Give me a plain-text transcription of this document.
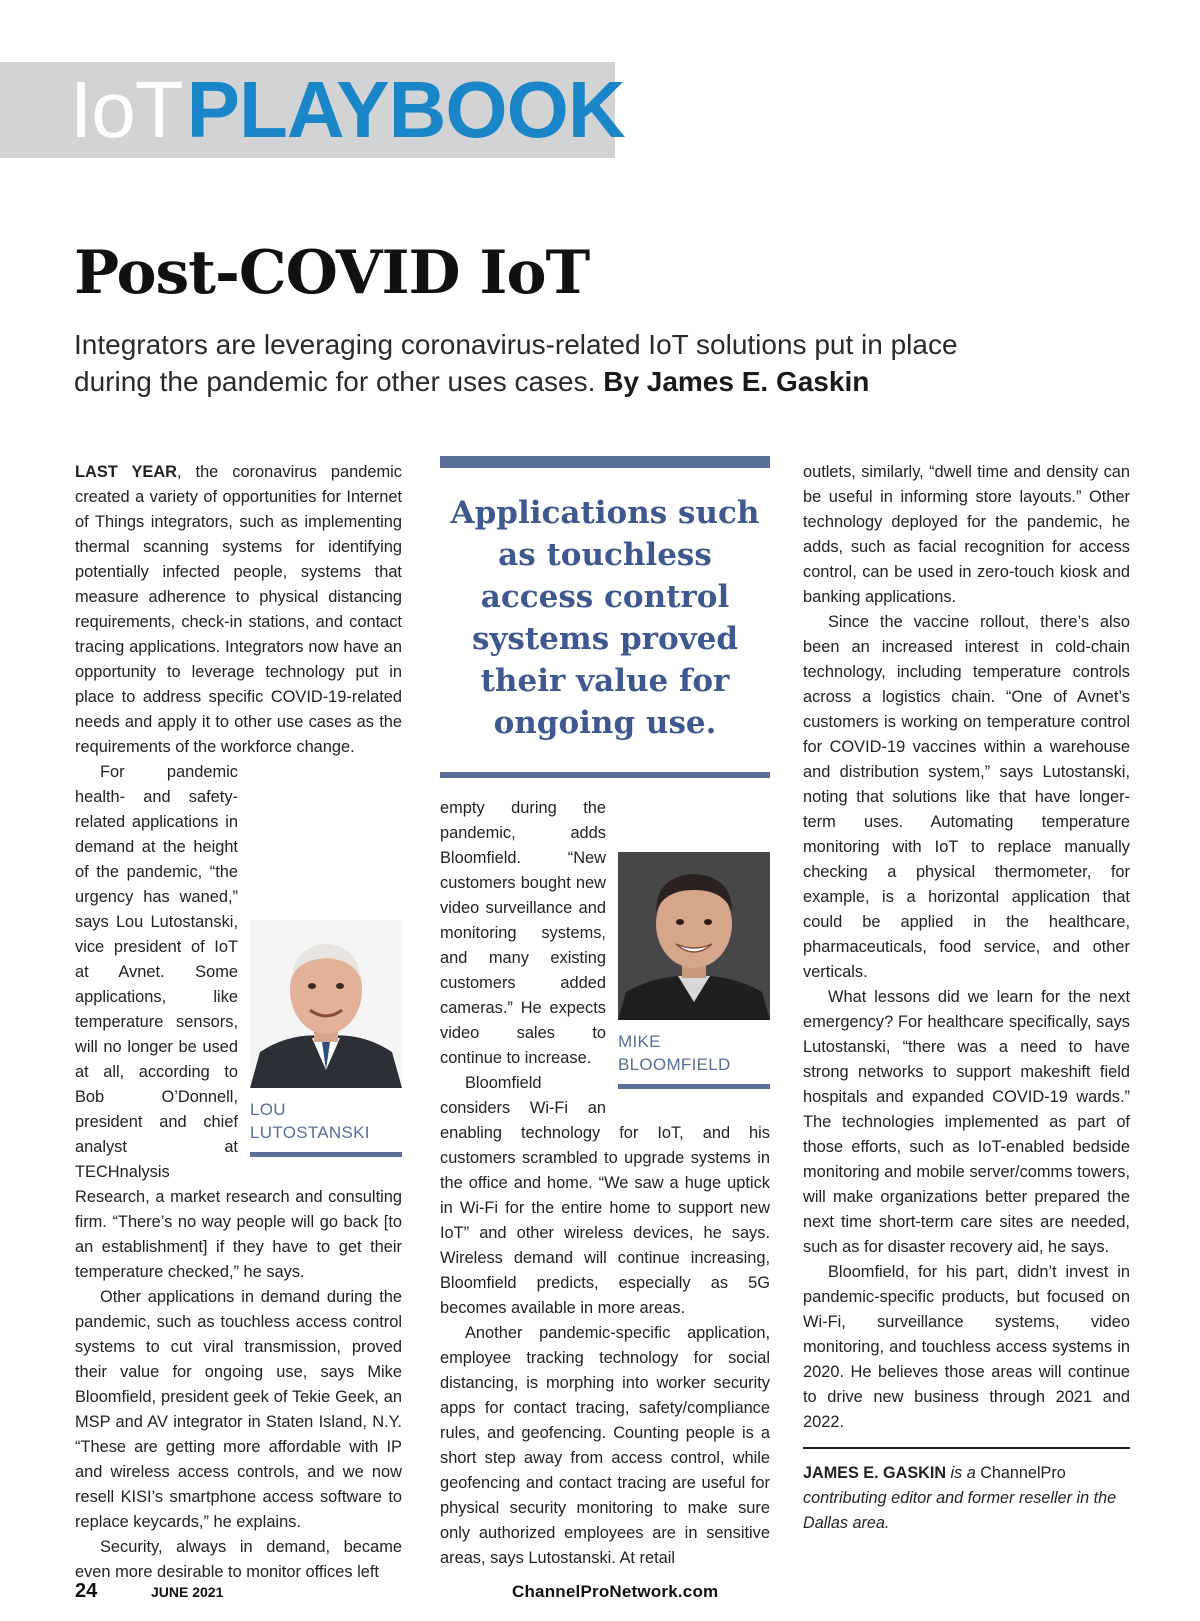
IoT PLAYBOOK
Post-COVID IoT

Integrators are leveraging coronavirus-related IoT solutions put in place during the pandemic for other uses cases. By James E. Gaskin

LAST YEAR, the coronavirus pandemic created a variety of opportunities for Internet of Things integrators, such as implementing thermal scanning systems for identifying potentially infected people, systems that measure adherence to physical distancing requirements, check-in stations, and contact tracing applications. Integrators now have an opportunity to leverage technology put in place to address specific COVID-19-related needs and apply it to other use cases as the requirements of the workforce change.

LOU
LUTOSTANSKI

For pandemic health- and safety-related applications in demand at the height of the pandemic, “the urgency has waned,” says Lou Lutostanski, vice president of IoT at Avnet. Some applications, like temperature sensors, will no longer be used at all, according to Bob O’Donnell, president and chief analyst at TECHnalysis Research, a market research and consulting firm. “There’s no way people will go back [to an establishment] if they have to get their temperature checked,” he says.

Other applications in demand during the pandemic, such as touchless access control systems to cut viral transmission, proved their value for ongoing use, says Mike Bloomfield, president geek of Tekie Geek, an MSP and AV integrator in Staten Island, N.Y. “These are getting more affordable with IP and wireless access controls, and we now resell KISI’s smartphone access software to replace keycards,” he explains.

Security, always in demand, became even more desirable to monitor offices left

Applications such as touchless access control systems proved their value for ongoing use.
MIKE
BLOOMFIELD

empty during the pandemic, adds Bloomfield. “New customers bought new video surveillance and monitoring systems, and many existing customers added cameras.” He expects video sales to continue to increase.

Bloomfield considers Wi-Fi an enabling technology for IoT, and his customers scrambled to upgrade systems in the office and home. “We saw a huge uptick in Wi-Fi for the entire home to support new IoT” and other wireless devices, he says. Wireless demand will continue increasing, Bloomfield predicts, especially as 5G becomes available in more areas.

Another pandemic-specific application, employee tracking technology for social distancing, is morphing into worker security apps for contact tracing, safety/compliance rules, and geofencing. Counting people is a short step away from access control, while geofencing and contact tracing are useful for physical security monitoring to make sure only authorized employees are in sensitive areas, says Lutostanski. At retail

outlets, similarly, “dwell time and density can be useful in informing store layouts.” Other technology deployed for the pandemic, he adds, such as facial recognition for access control, can be used in zero-touch kiosk and banking applications.

Since the vaccine rollout, there’s also been an increased interest in cold-chain technology, including temperature controls across a logistics chain. “One of Avnet’s customers is working on temperature control for COVID-19 vaccines within a warehouse and distribution system,” says Lutostanski, noting that solutions like that have longer-term uses. Automating temperature monitoring with IoT to replace manually checking a physical thermometer, for example, is a horizontal application that could be applied in the healthcare, pharmaceuticals, food service, and other verticals.

What lessons did we learn for the next emergency? For healthcare specifically, says Lutostanski, “there was a need to have strong networks to support makeshift field hospitals and expanded COVID-19 wards.” The technologies implemented as part of those efforts, such as IoT-enabled bedside monitoring and mobile server/comms towers, will make organizations better prepared the next time short-term care sites are needed, such as for disaster recovery aid, he says.

Bloomfield, for his part, didn’t invest in pandemic-specific products, but focused on Wi-Fi, surveillance systems, video monitoring, and touchless access systems in 2020. He believes those areas will continue to drive new business through 2021 and 2022.

JAMES E. GASKIN is a ChannelPro contributing editor and former reseller in the Dallas area.

24	JUNE 2021	ChannelProNetwork.com
